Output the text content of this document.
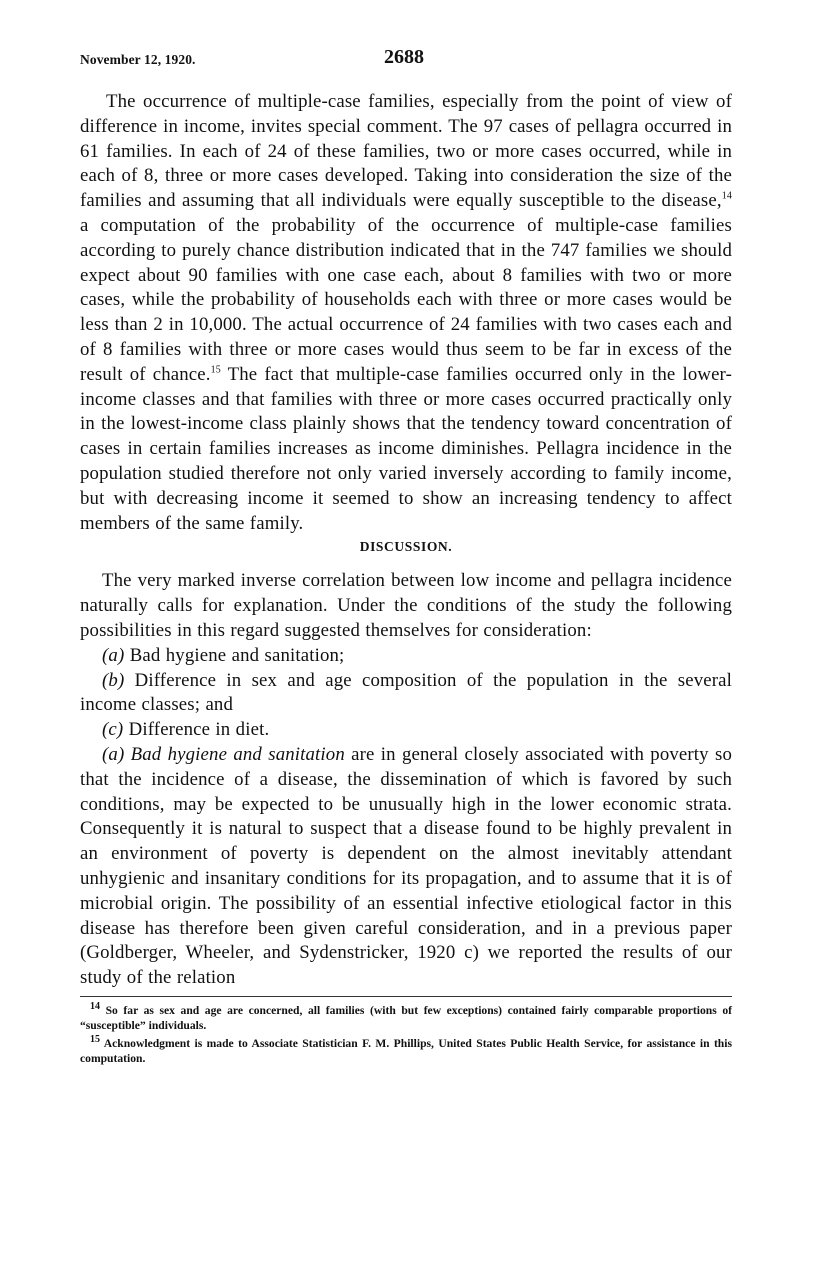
November 12, 1920.	2688

The occurrence of multiple-case families, especially from the point of view of difference in income, invites special comment. The 97 cases of pellagra occurred in 61 families. In each of 24 of these families, two or more cases occurred, while in each of 8, three or more cases developed. Taking into consideration the size of the families and assuming that all individuals were equally susceptible to the disease,$^{14}$ a computation of the probability of the occurrence of multiple-case families according to purely chance distribution indicated that in the 747 families we should expect about 90 families with one case each, about 8 families with two or more cases, while the probability of households each with three or more cases would be less than 2 in 10,000. The actual occurrence of 24 families with two cases each and of 8 families with three or more cases would thus seem to be far in excess of the result of chance.$^{15}$ The fact that multiple-case families occurred only in the lower-income classes and that families with three or more cases occurred practically only in the lowest-income class plainly shows that the tendency toward concentration of cases in certain families increases as income diminishes. Pellagra incidence in the population studied therefore not only varied inversely according to family income, but with decreasing income it seemed to show an increasing tendency to affect members of the same family.

DISCUSSION.

The very marked inverse correlation between low income and pellagra incidence naturally calls for explanation. Under the conditions of the study the following possibilities in this regard suggested themselves for consideration:

(a) Bad hygiene and sanitation;

(b) Difference in sex and age composition of the population in the several income classes; and

(c) Difference in diet.

(a) Bad hygiene and sanitation are in general closely associated with poverty so that the incidence of a disease, the dissemination of which is favored by such conditions, may be expected to be unusually high in the lower economic strata. Consequently it is natural to suspect that a disease found to be highly prevalent in an environment of poverty is dependent on the almost inevitably attendant unhygienic and insanitary conditions for its propagation, and to assume that it is of microbial origin. The possibility of an essential infective etiological factor in this disease has therefore been given careful consideration, and in a previous paper (Goldberger, Wheeler, and Sydenstricker, 1920 c) we reported the results of our study of the relation

$^{14}$ So far as sex and age are concerned, all families (with but few exceptions) contained fairly comparable proportions of “susceptible” individuals.

$^{15}$ Acknowledgment is made to Associate Statistician F. M. Phillips, United States Public Health Service, for assistance in this computation.
